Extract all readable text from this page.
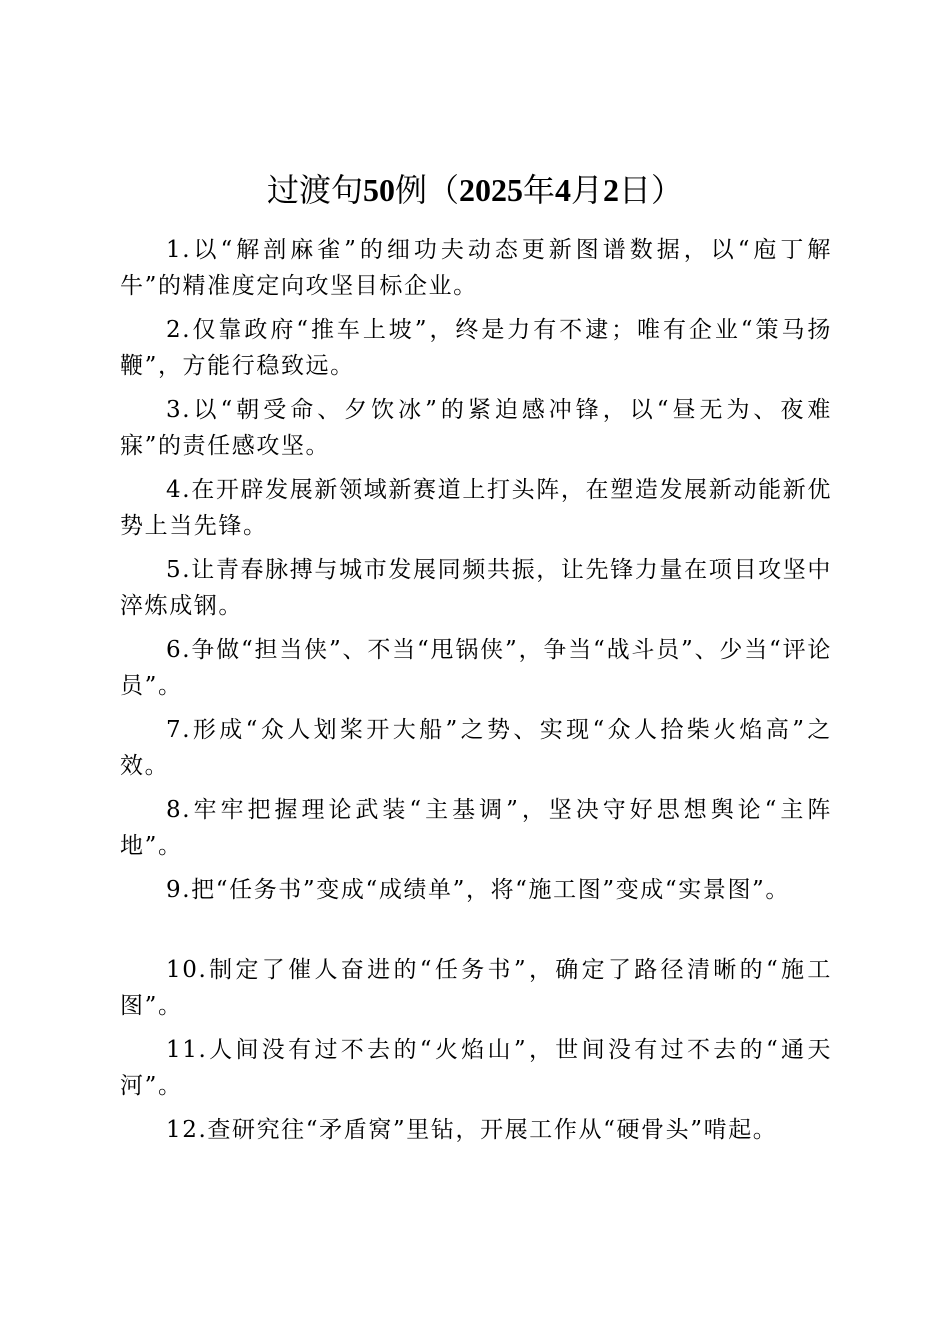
过渡句50例（2025年4月2日）

1.以“解剖麻雀”的细功夫动态更新图谱数据，以“庖丁解牛”的精准度定向攻坚目标企业。

2.仅靠政府“推车上坡”，终是力有不逮；唯有企业“策马扬鞭”，方能行稳致远。

3.以“朝受命、夕饮冰”的紧迫感冲锋，以“昼无为、夜难寐”的责任感攻坚。

4.在开辟发展新领域新赛道上打头阵，在塑造发展新动能新优势上当先锋。

5.让青春脉搏与城市发展同频共振，让先锋力量在项目攻坚中淬炼成钢。

6.争做“担当侠”、不当“甩锅侠”，争当“战斗员”、少当“评论员”。

7.形成“众人划桨开大船”之势、实现“众人拾柴火焰高”之效。

8.牢牢把握理论武装“主基调”，坚决守好思想舆论“主阵地”。

9.把“任务书”变成“成绩单”，将“施工图”变成“实景图”。

10.制定了催人奋进的“任务书”，确定了路径清晰的“施工图”。

11.人间没有过不去的“火焰山”，世间没有过不去的“通天河”。

12.查研究往“矛盾窝”里钻，开展工作从“硬骨头”啃起。
